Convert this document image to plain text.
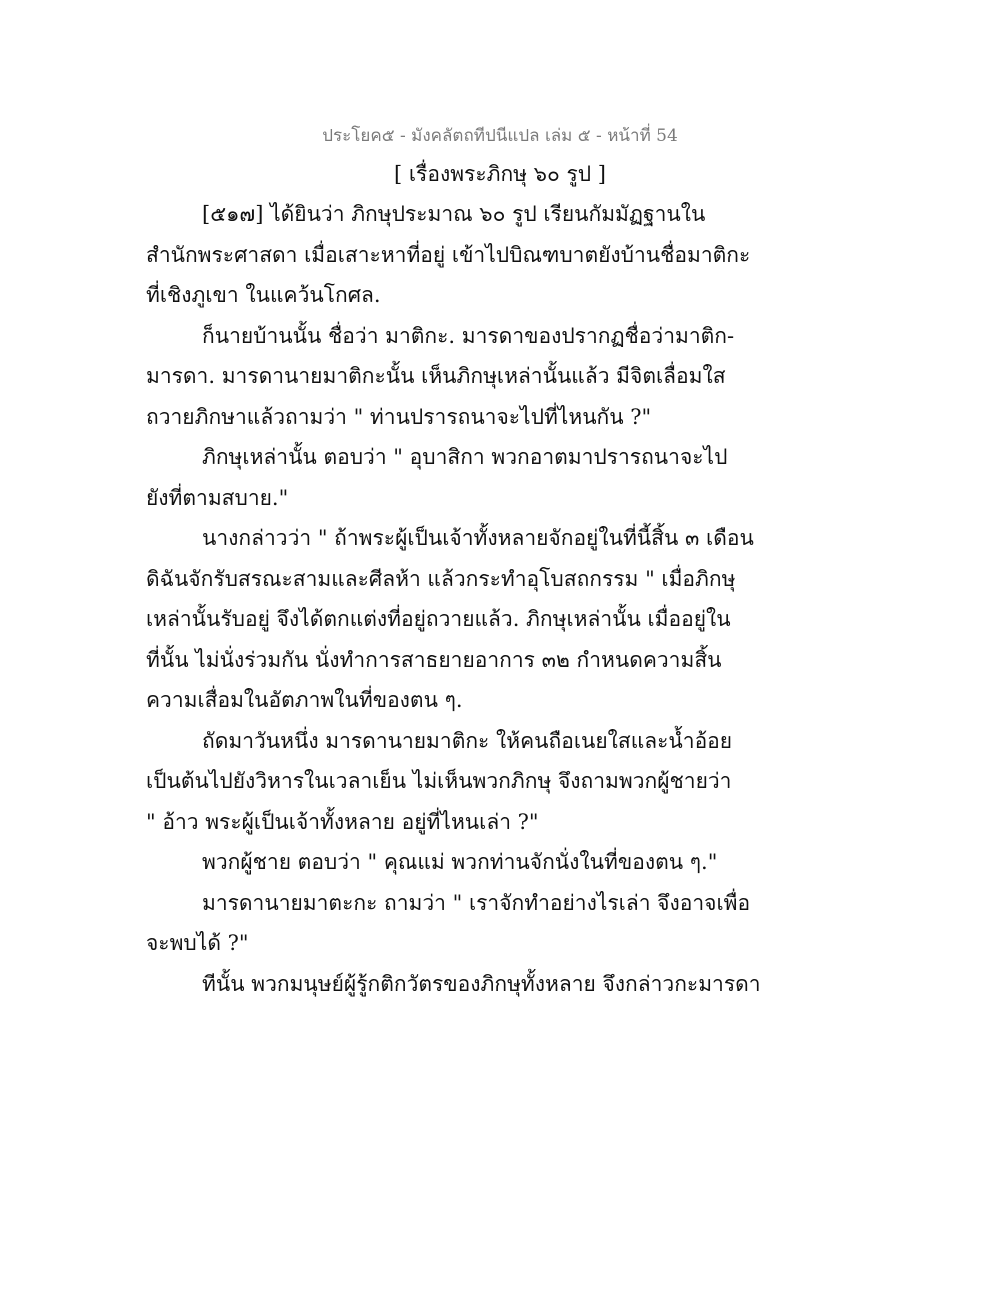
ประโยค๕ - มังคลัตถทีปนีแปล เล่ม ๕ - หน้าที่ 54
[ เรื่องพระภิกษุ ๖๐ รูป ]
[๕๑๗] ได้ยินว่า ภิกษุประมาณ ๖๐ รูป เรียนกัมมัฏฐานใน
สำนักพระศาสดา เมื่อเสาะหาที่อยู่ เข้าไปบิณฑบาตยังบ้านชื่อมาติกะ
ที่เชิงภูเขา ในแคว้นโกศล.
ก็นายบ้านนั้น ชื่อว่า มาติกะ. มารดาของปรากฏชื่อว่ามาติก-
มารดา. มารดานายมาติกะนั้น เห็นภิกษุเหล่านั้นแล้ว มีจิตเลื่อมใส
ถวายภิกษาแล้วถามว่า " ท่านปรารถนาจะไปที่ไหนกัน ?"
ภิกษุเหล่านั้น ตอบว่า " อุบาสิกา พวกอาตมาปรารถนาจะไป
ยังที่ตามสบาย."
นางกล่าวว่า " ถ้าพระผู้เป็นเจ้าทั้งหลายจักอยู่ในที่นี้สิ้น ๓ เดือน
ดิฉันจักรับสรณะสามและศีลห้า แล้วกระทำอุโบสถกรรม " เมื่อภิกษุ
เหล่านั้นรับอยู่ จึงได้ตกแต่งที่อยู่ถวายแล้ว. ภิกษุเหล่านั้น เมื่ออยู่ใน
ที่นั้น ไม่นั่งร่วมกัน นั่งทำการสาธยายอาการ ๓๒ กำหนดความสิ้น
ความเสื่อมในอัตภาพในที่ของตน ๆ.
ถัดมาวันหนึ่ง มารดานายมาติกะ ให้คนถือเนยใสและน้ำอ้อย
เป็นต้นไปยังวิหารในเวลาเย็น ไม่เห็นพวกภิกษุ จึงถามพวกผู้ชายว่า
" อ้าว พระผู้เป็นเจ้าทั้งหลาย อยู่ที่ไหนเล่า ?"
พวกผู้ชาย ตอบว่า " คุณแม่ พวกท่านจักนั่งในที่ของตน ๆ."
มารดานายมาตะกะ ถามว่า " เราจักทำอย่างไรเล่า จึงอาจเพื่อ
จะพบได้ ?"
ทีนั้น พวกมนุษย์ผู้รู้กติกวัตรของภิกษุทั้งหลาย จึงกล่าวกะมารดา
